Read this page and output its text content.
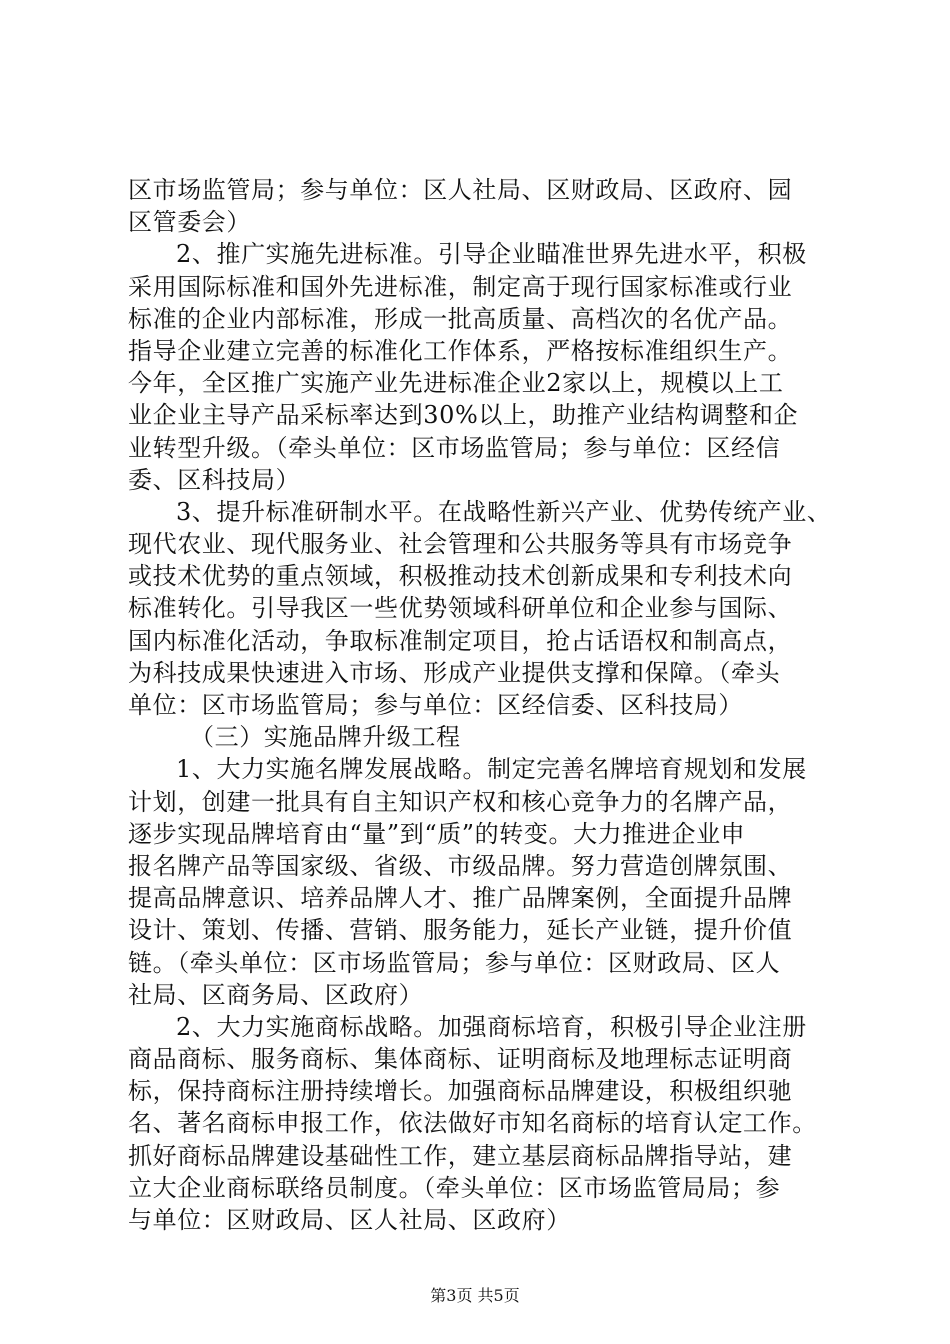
区市场监管局；参与单位：区人社局、区财政局、区政府、园
区管委会）
2、推广实施先进标准。引导企业瞄准世界先进水平，积极
采用国际标准和国外先进标准，制定高于现行国家标准或行业
标准的企业内部标准，形成一批高质量、高档次的名优产品。
指导企业建立完善的标准化工作体系，严格按标准组织生产。
今年，全区推广实施产业先进标准企业2家以上，规模以上工
业企业主导产品采标率达到30%以上，助推产业结构调整和企
业转型升级。（牵头单位：区市场监管局；参与单位：区经信
委、区科技局）
3、提升标准研制水平。在战略性新兴产业、优势传统产业、
现代农业、现代服务业、社会管理和公共服务等具有市场竞争
或技术优势的重点领域，积极推动技术创新成果和专利技术向
标准转化。引导我区一些优势领域科研单位和企业参与国际、
国内标准化活动，争取标准制定项目，抢占话语权和制高点，
为科技成果快速进入市场、形成产业提供支撑和保障。（牵头
单位：区市场监管局；参与单位：区经信委、区科技局）
（三）实施品牌升级工程
1、大力实施名牌发展战略。制定完善名牌培育规划和发展
计划，创建一批具有自主知识产权和核心竞争力的名牌产品，
逐步实现品牌培育由“量”到“质”的转变。大力推进企业申
报名牌产品等国家级、省级、市级品牌。努力营造创牌氛围、
提高品牌意识、培养品牌人才、推广品牌案例，全面提升品牌
设计、策划、传播、营销、服务能力，延长产业链，提升价值
链。（牵头单位：区市场监管局；参与单位：区财政局、区人
社局、区商务局、区政府）
2、大力实施商标战略。加强商标培育，积极引导企业注册
商品商标、服务商标、集体商标、证明商标及地理标志证明商
标，保持商标注册持续增长。加强商标品牌建设，积极组织驰
名、著名商标申报工作，依法做好市知名商标的培育认定工作。
抓好商标品牌建设基础性工作，建立基层商标品牌指导站，建
立大企业商标联络员制度。（牵头单位：区市场监管局局；参
与单位：区财政局、区人社局、区政府）
第3页 共5页
